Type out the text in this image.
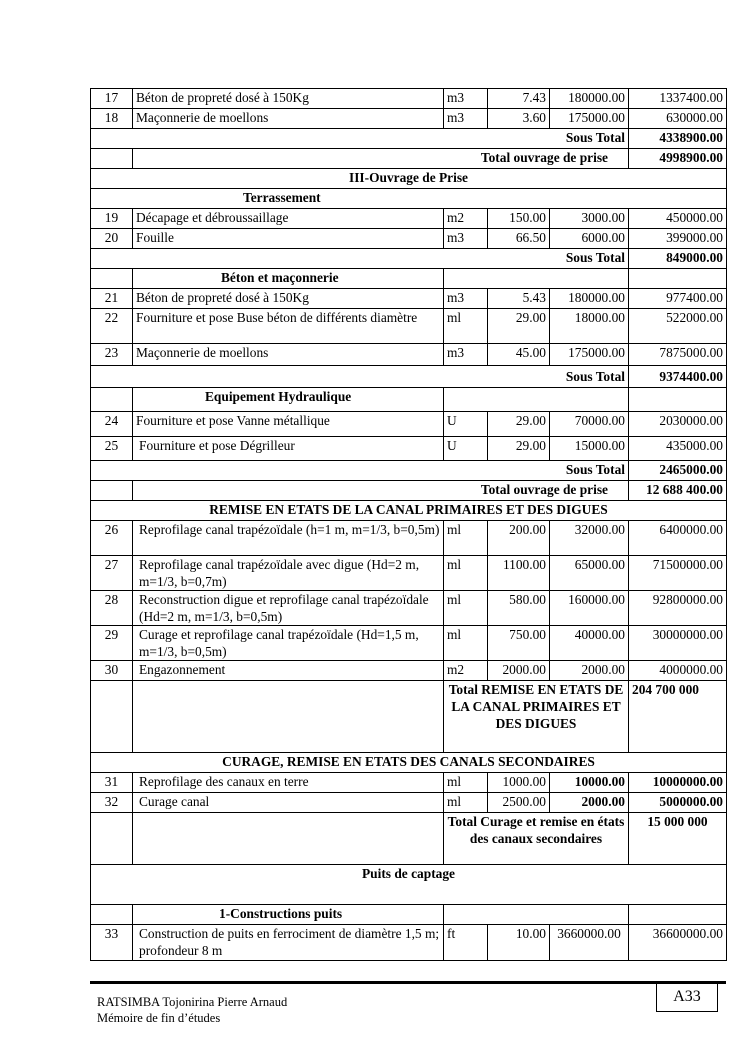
17	Béton de propreté dosé à 150Kg	m3	7.43	180000.00	1337400.00
18	Maçonnerie de moellons	m3	3.60	175000.00	630000.00
				Sous Total	4338900.00
	Total ouvrage de prise				4998900.00
III-Ouvrage de Prise					
Terrassement					
19	Décapage et débroussaillage	m2	150.00	3000.00	450000.00
20	Fouille	m3	66.50	6000.00	399000.00
				Sous Total	849000.00
	Béton et maçonnerie				
21	Béton de propreté dosé à 150Kg	m3	5.43	180000.00	977400.00
22	Fourniture et pose Buse béton de différents diamètre	ml	29.00	18000.00	522000.00
23	Maçonnerie de moellons	m3	45.00	175000.00	7875000.00
				Sous Total	9374400.00
	Equipement Hydraulique				
24	Fourniture et pose Vanne métallique	U	29.00	70000.00	2030000.00
25	Fourniture et pose Dégrilleur	U	29.00	15000.00	435000.00
				Sous Total	2465000.00
	Total ouvrage de prise				12 688 400.00
REMISE EN ETATS DE LA CANAL PRIMAIRES ET DES DIGUES					
26	Reprofilage canal trapézoïdale (h=1 m, m=1/3, b=0,5m)	ml	200.00	32000.00	6400000.00
27	Reprofilage canal trapézoïdale avec digue (Hd=2 m, m=1/3, b=0,7m)	ml	1100.00	65000.00	71500000.00
28	Reconstruction digue et reprofilage canal trapézoïdale (Hd=2 m, m=1/3, b=0,5m)	ml	580.00	160000.00	92800000.00
29	Curage et reprofilage canal trapézoïdale (Hd=1,5 m, m=1/3, b=0,5m)	ml	750.00	40000.00	30000000.00
30	Engazonnement	m2	2000.00	2000.00	4000000.00
		Total REMISE EN ETATS DE LA CANAL PRIMAIRES ET DES DIGUES			204 700 000
CURAGE, REMISE EN ETATS DES CANALS SECONDAIRES					
31	Reprofilage des canaux en terre	ml	1000.00	10000.00	10000000.00
32	Curage canal	ml	2500.00	2000.00	5000000.00
		Total Curage et remise en états des canaux secondaires			15 000 000
Puits de captage					
	1-Constructions puits				
33	Construction de puits en ferrociment de diamètre 1,5 m; profondeur 8 m	ft	10.00	3660000.00	36600000.00
RATSIMBA Tojonirina Pierre Arnaud
Mémoire de fin d’études
A33
